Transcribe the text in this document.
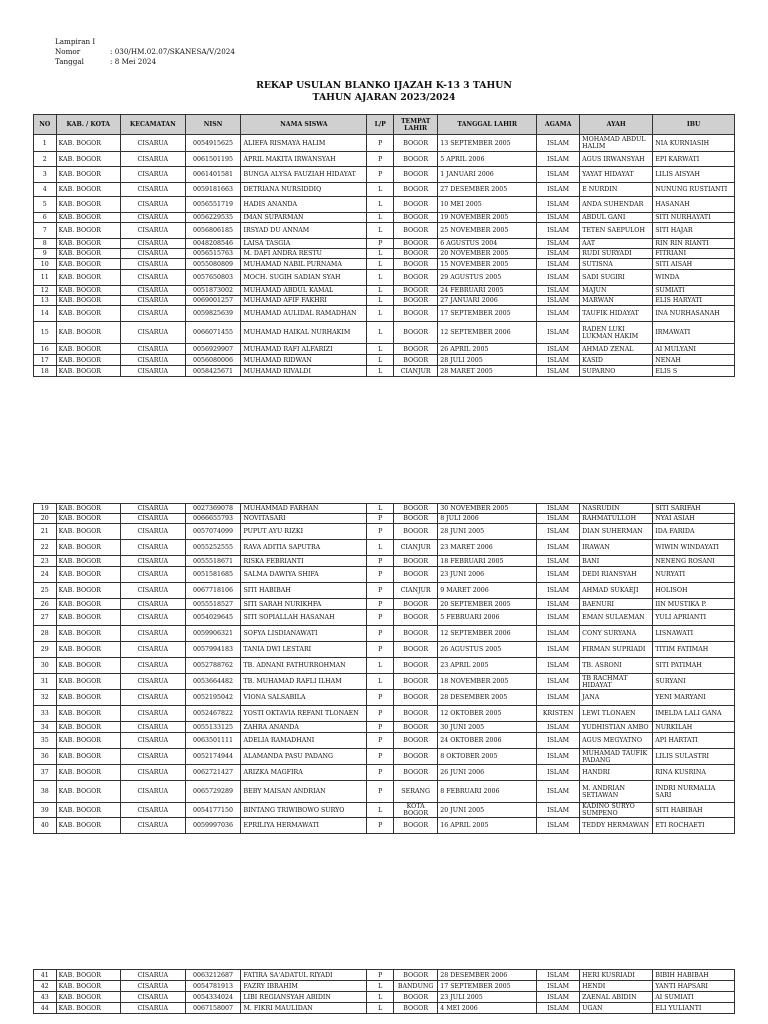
Lampiran I
Nomor	: 030/HM.02.07/SKANESA/V/2024
Tanggal	: 8 Mei 2024
REKAP USULAN BLANKO IJAZAH K-13 3 TAHUN
TAHUN AJARAN 2023/2024
NO	KAB. / KOTA	KECAMATAN	NISN	NAMA SISWA	L/P	TEMPAT LAHIR	TANGGAL LAHIR	AGAMA	AYAH	IBU
1	KAB. BOGOR	CISARUA	0054915625	ALIEFA RISMAYA HALIM	P	BOGOR	13 SEPTEMBER 2005	ISLAM	MOHAMAD ABDUL HALIM	NIA KURNIASIH
2	KAB. BOGOR	CISARUA	0061501195	APRIL MAKITA IRWANSYAH	P	BOGOR	5 APRIL 2006	ISLAM	AGUS IRWANSYAH	EPI KARWATI
3	KAB. BOGOR	CISARUA	0061401581	BUNGA ALYSA FAUZIAH HIDAYAT	P	BOGOR	1 JANUARI 2006	ISLAM	YAYAT HIDAYAT	LILIS AISYAH
4	KAB. BOGOR	CISARUA	0059181663	DETRIANA NURSIDDIQ	L	BOGOR	27 DESEMBER 2005	ISLAM	E NURDIN	NUNUNG RUSTIANTI
5	KAB. BOGOR	CISARUA	0056551719	HADIS ANANDA	L	BOGOR	10 MEI 2005	ISLAM	ANDA SUHENDAR	HASANAH
6	KAB. BOGOR	CISARUA	0056229535	IMAN SUPARMAN	L	BOGOR	19 NOVEMBER 2005	ISLAM	ABDUL GANI	SITI NURHAYATI
7	KAB. BOGOR	CISARUA	0056806185	IRSYAD DU ANNAM	L	BOGOR	25 NOVEMBER 2005	ISLAM	TETEN SAEPULOH	SITI HAJAR
8	KAB. BOGOR	CISARUA	0048208546	LAISA TASGIA	P	BOGOR	6 AGUSTUS 2004	ISLAM	AAT	RIN RIN RIANTI
9	KAB. BOGOR	CISARUA	0056515763	M. DAFI ANDRA RESTU	L	BOGOR	20 NOVEMBER 2005	ISLAM	RUDI SURYADI	FITRIANI
10	KAB. BOGOR	CISARUA	0055080809	MUHAMAD NABIL PURNAMA	L	BOGOR	15 NOVEMBER 2005	ISLAM	SUTISNA	SITI AISAH
11	KAB. BOGOR	CISARUA	0057650803	MOCH. SUGIH SADIAN SYAH	L	BOGOR	29 AGUSTUS 2005	ISLAM	SADI SUGIRI	WINDA
12	KAB. BOGOR	CISARUA	0051873002	MUHAMAD ABDUL KAMAL	L	BOGOR	24 FEBRUARI 2005	ISLAM	MAJUN	SUMIATI
13	KAB. BOGOR	CISARUA	0069001257	MUHAMAD AFIF FAKHRI	L	BOGOR	27 JANUARI 2006	ISLAM	MARWAN	ELIS HARYATI
14	KAB. BOGOR	CISARUA	0059825639	MUHAMAD AULIDAL RAMADHAN	L	BOGOR	17 SEPTEMBER 2005	ISLAM	TAUFIK HIDAYAT	INA NURHASANAH
15	KAB. BOGOR	CISARUA	0066071455	MUHAMAD HAIKAL NURHAKIM	L	BOGOR	12 SEPTEMBER 2006	ISLAM	RADEN LUKI LUKMAN HAKIM	IRMAWATI
16	KAB. BOGOR	CISARUA	0056929907	MUHAMAD RAFI ALFARIZI	L	BOGOR	26 APRIL 2005	ISLAM	AHMAD ZENAL	AI MULYANI
17	KAB. BOGOR	CISARUA	0056080006	MUHAMAD RIDWAN	L	BOGOR	28 JULI 2005	ISLAM	KASID	NENAH
18	KAB. BOGOR	CISARUA	0058425671	MUHAMAD RIVALDI	L	CIANJUR	28 MARET 2005	ISLAM	SUPARNO	ELIS S
19	KAB. BOGOR	CISARUA	0027369078	MUHAMMAD FARHAN	L	BOGOR	30 NOVEMBER 2005	ISLAM	NASRUDIN	SITI SARIFAH
20	KAB. BOGOR	CISARUA	0066655793	NOVITASARI	P	BOGOR	8 JULI 2006	ISLAM	RAHMATULLOH	NYAI ASIAH
21	KAB. BOGOR	CISARUA	0057074099	PUPUT AYU RIZKI	P	BOGOR	28 JUNI 2005	ISLAM	DIAN SUHERMAN	IDA FARIDA
22	KAB. BOGOR	CISARUA	0055252555	RAVA ADITIA SAPUTRA	L	CIANJUR	23 MARET 2006	ISLAM	IRAWAN	WIWIN WINDAYATI
23	KAB. BOGOR	CISARUA	0055518671	RISKA FEBRIANTI	P	BOGOR	18 FEBRUARI 2005	ISLAM	BANI	NENENG ROSANI
24	KAB. BOGOR	CISARUA	0051581685	SALMA DAWIYA SHIFA	P	BOGOR	23 JUNI 2006	ISLAM	DEDI RIANSYAH	NURYATI
25	KAB. BOGOR	CISARUA	0067718106	SITI HABIBAH	P	CIANJUR	9 MARET 2006	ISLAM	AHMAD SUKAEJI	HOLISOH
26	KAB. BOGOR	CISARUA	0055518527	SITI SARAH NURIKHFA	P	BOGOR	20 SEPTEMBER 2005	ISLAM	BAENURI	IIN MUSTIKA P.
27	KAB. BOGOR	CISARUA	0054029645	SITI SOPIALLAH HASANAH	P	BOGOR	5 FEBRUARI 2006	ISLAM	EMAN SULAEMAN	YULI APRIANTI
28	KAB. BOGOR	CISARUA	0059906321	SOFYA LISDIANAWATI	P	BOGOR	12 SEPTEMBER 2006	ISLAM	CONY SURYANA	LISNAWATI
29	KAB. BOGOR	CISARUA	0057994183	TANIA DWI LESTARI	P	BOGOR	26 AGUSTUS 2005	ISLAM	FIRMAN SUPRIADI	TITIM FATIMAH
30	KAB. BOGOR	CISARUA	0052788762	TB. ADNANI FATHURROHMAN	L	BOGOR	23 APRIL 2005	ISLAM	TB. ASRONI	SITI PATIMAH
31	KAB. BOGOR	CISARUA	0053664482	TB. MUHAMAD RAFLI ILHAM	L	BOGOR	18 NOVEMBER 2005	ISLAM	TB RACHMAT HIDAYAT	SURYANI
32	KAB. BOGOR	CISARUA	0052195042	VIONA SALSABILA	P	BOGOR	28 DESEMBER 2005	ISLAM	JANA	YENI MARYANI
33	KAB. BOGOR	CISARUA	0052467822	YOSTI OKTAVIA REFANI TLONAEN	P	BOGOR	12 OKTOBER 2005	KRISTEN	LEWI TLONAEN	IMELDA LALI GANA
34	KAB. BOGOR	CISARUA	0055133125	ZAHRA ANANDA	P	BOGOR	30 JUNI 2005	ISLAM	YUDHISTIAN AMBO	NURKILAH
35	KAB. BOGOR	CISARUA	0063501111	ADELIA RAMADHANI	P	BOGOR	24 OKTOBER 2006	ISLAM	AGUS MEGYATNO	API HARTATI
36	KAB. BOGOR	CISARUA	0052174944	ALAMANDA PASU PADANG	P	BOGOR	8 OKTOBER 2005	ISLAM	MUHAMAD TAUFIK PADANG	LILIS SULASTRI
37	KAB. BOGOR	CISARUA	0062721427	ARIZKA MAGFIRA	P	BOGOR	26 JUNI 2006	ISLAM	HANDRI	RINA KUSRINA
38	KAB. BOGOR	CISARUA	0065729289	BEBY MAISAN ANDRIAN	P	SERANG	8 FEBRUARI 2006	ISLAM	M. ANDRIAN SETIAWAN	INDRI NURMALIA SARI
39	KAB. BOGOR	CISARUA	0054177150	BINTANG TRIWIBOWO SURYO	L	KOTA BOGOR	20 JUNI 2005	ISLAM	KADINO SURYO SUMPENO	SITI HABIBAH
40	KAB. BOGOR	CISARUA	0059997036	EPRILIYA HERMAWATI	P	BOGOR	16 APRIL 2005	ISLAM	TEDDY HERMAWAN	ETI ROCHAETI
41	KAB. BOGOR	CISARUA	0063212687	FATIRA SA'ADATUL RIYADI	P	BOGOR	28 DESEMBER 2006	ISLAM	HERI KUSRIADI	BIBIH HABIBAH
42	KAB. BOGOR	CISARUA	0054781913	FAZRY IBRAHIM	L	BANDUNG	17 SEPTEMBER 2005	ISLAM	HENDI	YANTI HAPSARI
43	KAB. BOGOR	CISARUA	0054334024	LIBI REGIANSYAH ABIDIN	L	BOGOR	23 JULI 2005	ISLAM	ZAENAL ABIDIN	AI SUMIATI
44	KAB. BOGOR	CISARUA	0067158007	M. FIKRI MAULIDAN	L	BOGOR	4 MEI 2006	ISLAM	UGAN	ELI YULIANTI
